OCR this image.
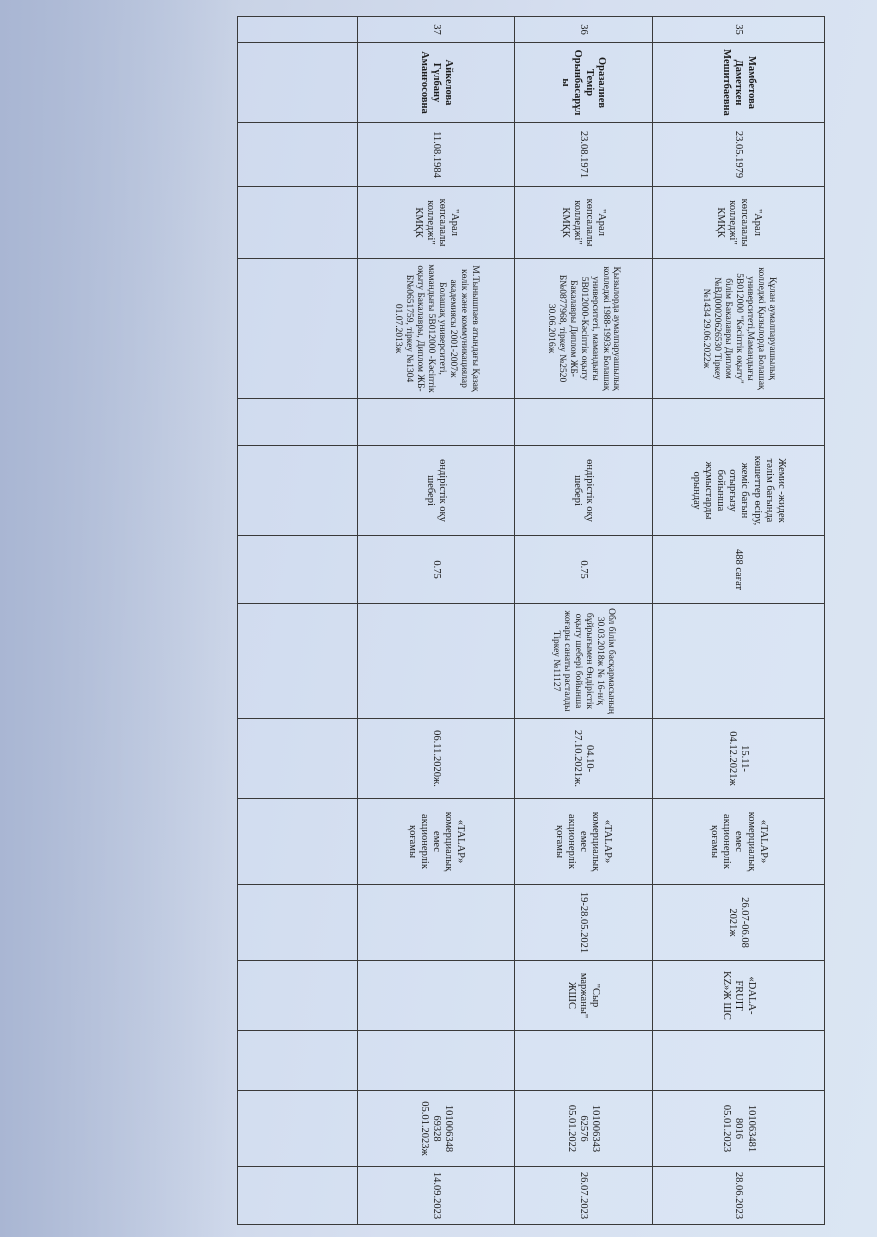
35	Мамбетова Даметкен Мешитбаевна	23.05.1979	"Арал көпсалалы колледжі" КМҚК	Құлан аумалпаруашылық колледжі Қызылорда Болашақ университеті,Мамандығы 5В012000 "Кәсіптік оқыту" білім Бакалавры Диплом №ВД00020626530 Тіркеу №1434 29.06.2022ж		Жемис -жидек тәлім бағында көшеттер өсіру, жеміс бағын отырғызу бойынша жұмыстарды орындау	488 сағат		15.11-04.12.2021ж	«TALAP» комерциалық емес акционерлік қоғамы	26.07-06.08 2021ж	«DALA-FRUIT KZ»Ж ШС		101063481 8016 05.01.2023	28.06.2023
36	Оразалиев Темір Орынбасарұлы	23.08.1971	"Арал көпсалалы колледжі" КМҚК	Қызылорда аумалпаруашылық колледжі 1988-1993ж Болашақ университеті, мамандығы 5В012000-Кәсіптік оқыту Бакалавры Диплом ЖБ-Б№0877968, тіркеу №2520 30.06.2016ж		өндірістік оқу шебері	0.75	Обл білім басқармасының 30.03.2018ж № 16-н/қ бұйрығымен Өндірістік оқыту шебері бойынша жоғары санаты расталды Тіркеу №11127	04.10-27.10.2021ж.	«TALAP» комерциалық емес акционерлік қоғамы	19-28.05.2021	"Сыр маржаны" ЖШС		101006343 62576 05.01.2022	26.07.2023
37	Айкелова Гүлбану Аманғосовна	11.08.1984	"Арал көпсалалы колледжі" КМҚК	М.Тынышпаев атындағы Қазақ көлік және коммуникациялар академиясы 2001-2007ж Болашақ университеті, мамандығы 5В012000 -Кәсіптік оқыту Бакалавры, Диплом ЖБ-Б№0651759, тіркеу №1304 01.07.2013ж		өндірістік оқу шебері	0.75		06.11.2020ж.	«TALAP» комерциалық емес акционерлік қоғамы				101006348 69328 05.01.2023ж	14.09.2023
